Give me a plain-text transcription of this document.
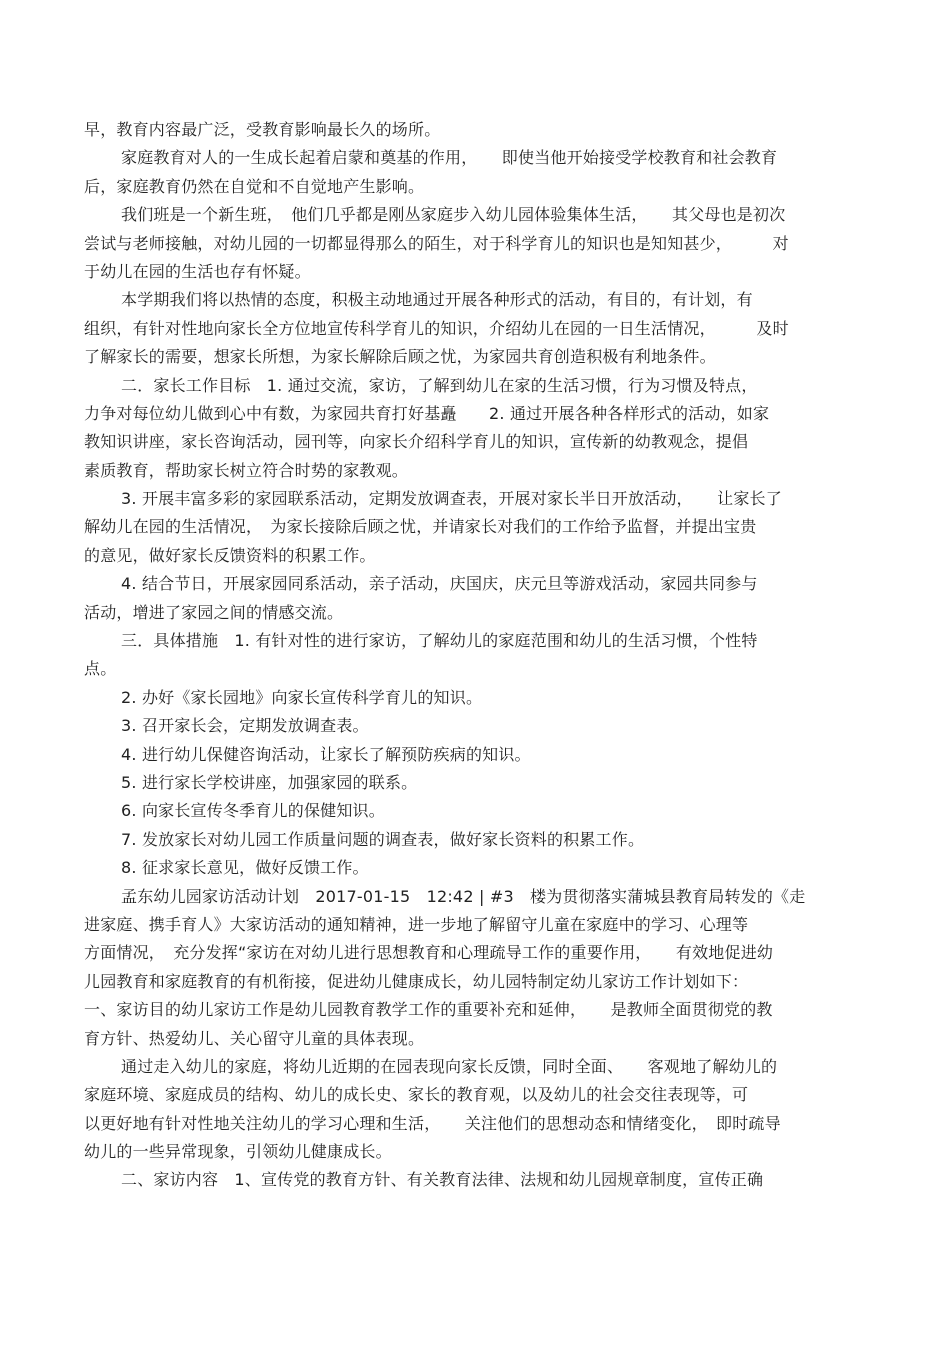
早，教育内容最广泛，受教育影响最长久的场所。
家庭教育对人的一生成长起着启蒙和奠基的作用，　　即使当他开始接受学校教育和社会教育
后，家庭教育仍然在自觉和不自觉地产生影响。
我们班是一个新生班，　他们几乎都是刚丛家庭步入幼儿园体验集体生活，　　其父母也是初次
尝试与老师接触，对幼儿园的一切都显得那么的陌生，对于科学育儿的知识也是知知甚少，　　　对
于幼儿在园的生活也存有怀疑。
本学期我们将以热情的态度，积极主动地通过开展各种形式的活动，有目的，有计划，有
组织，有针对性地向家长全方位地宣传科学育儿的知识，介绍幼儿在园的一日生活情况，　　　及时
了解家长的需要，想家长所想，为家长解除后顾之忧，为家园共育创造积极有利地条件。
二．家长工作目标　1. 通过交流，家访，了解到幼儿在家的生活习惯，行为习惯及特点，
力争对每位幼儿做到心中有数，为家园共育打好基矗　　2. 通过开展各种各样形式的活动，如家
教知识讲座，家长咨询活动，园刊等，向家长介绍科学育儿的知识，宣传新的幼教观念，提倡
素质教育，帮助家长树立符合时势的家教观。
3. 开展丰富多彩的家园联系活动，定期发放调查表，开展对家长半日开放活动，　　让家长了
解幼儿在园的生活情况，　为家长接除后顾之忧，并请家长对我们的工作给予监督，并提出宝贵
的意见，做好家长反馈资料的积累工作。
4. 结合节日，开展家园同系活动，亲子活动，庆国庆，庆元旦等游戏活动，家园共同参与
活动，增进了家园之间的情感交流。
三．具体措施　1. 有针对性的进行家访，了解幼儿的家庭范围和幼儿的生活习惯，个性特
点。
2. 办好《家长园地》向家长宣传科学育儿的知识。
3. 召开家长会，定期发放调查表。
4. 进行幼儿保健咨询活动，让家长了解预防疾病的知识。
5. 进行家长学校讲座，加强家园的联系。
6. 向家长宣传冬季育儿的保健知识。
7. 发放家长对幼儿园工作质量问题的调查表，做好家长资料的积累工作。
8. 征求家长意见，做好反馈工作。
孟东幼儿园家访活动计划　2017-01-15　12:42 | #3　楼为贯彻落实蒲城县教育局转发的《走
进家庭、携手育人》大家访活动的通知精神，进一步地了解留守儿童在家庭中的学习、心理等
方面情况，　充分发挥“家访在对幼儿进行思想教育和心理疏导工作的重要作用，　　有效地促进幼
儿园教育和家庭教育的有机衔接，促进幼儿健康成长，幼儿园特制定幼儿家访工作计划如下：
一、家访目的幼儿家访工作是幼儿园教育教学工作的重要补充和延伸，　　是教师全面贯彻党的教
育方针、热爱幼儿、关心留守儿童的具体表现。
通过走入幼儿的家庭，将幼儿近期的在园表现向家长反馈，同时全面、　　客观地了解幼儿的
家庭环境、家庭成员的结构、幼儿的成长史、家长的教育观，以及幼儿的社会交往表现等，可
以更好地有针对性地关注幼儿的学习心理和生活，　　关注他们的思想动态和情绪变化，　即时疏导
幼儿的一些异常现象，引领幼儿健康成长。
二、家访内容　1、宣传党的教育方针、有关教育法律、法规和幼儿园规章制度，宣传正确
